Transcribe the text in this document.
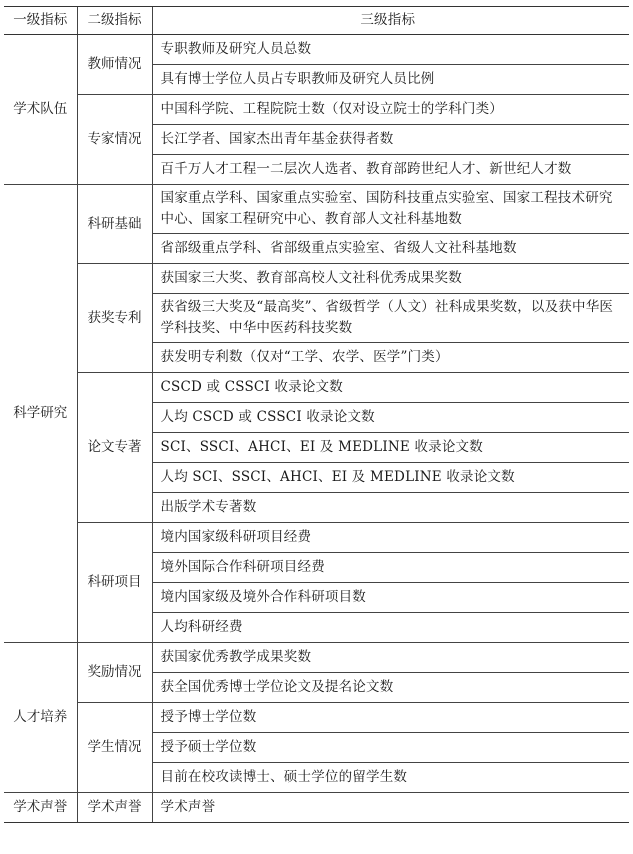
一级指标	二级指标	三级指标
学术队伍	教师情况	专职教师及研究人员总数
		具有博士学位人员占专职教师及研究人员比例
	专家情况	中国科学院、工程院院士数（仅对设立院士的学科门类）
		长江学者、国家杰出青年基金获得者数
		百千万人才工程一二层次人选者、教育部跨世纪人才、新世纪人才数
科学研究	科研基础	国家重点学科、国家重点实验室、国防科技重点实验室、国家工程技术研究中心、国家工程研究中心、教育部人文社科基地数
		省部级重点学科、省部级重点实验室、省级人文社科基地数
	获奖专利	获国家三大奖、教育部高校人文社科优秀成果奖数
		获省级三大奖及“最高奖”、省级哲学（人文）社科成果奖数，以及获中华医学科技奖、中华中医药科技奖数
		获发明专利数（仅对“工学、农学、医学”门类）
	论文专著	CSCD 或 CSSCI 收录论文数
		人均 CSCD 或 CSSCI 收录论文数
		SCI、SSCI、AHCI、EI 及 MEDLINE 收录论文数
		人均 SCI、SSCI、AHCI、EI 及 MEDLINE 收录论文数
		出版学术专著数
	科研项目	境内国家级科研项目经费
		境外国际合作科研项目经费
		境内国家级及境外合作科研项目数
		人均科研经费
人才培养	奖励情况	获国家优秀教学成果奖数
		获全国优秀博士学位论文及提名论文数
	学生情况	授予博士学位数
		授予硕士学位数
		目前在校攻读博士、硕士学位的留学生数
学术声誉	学术声誉	学术声誉
